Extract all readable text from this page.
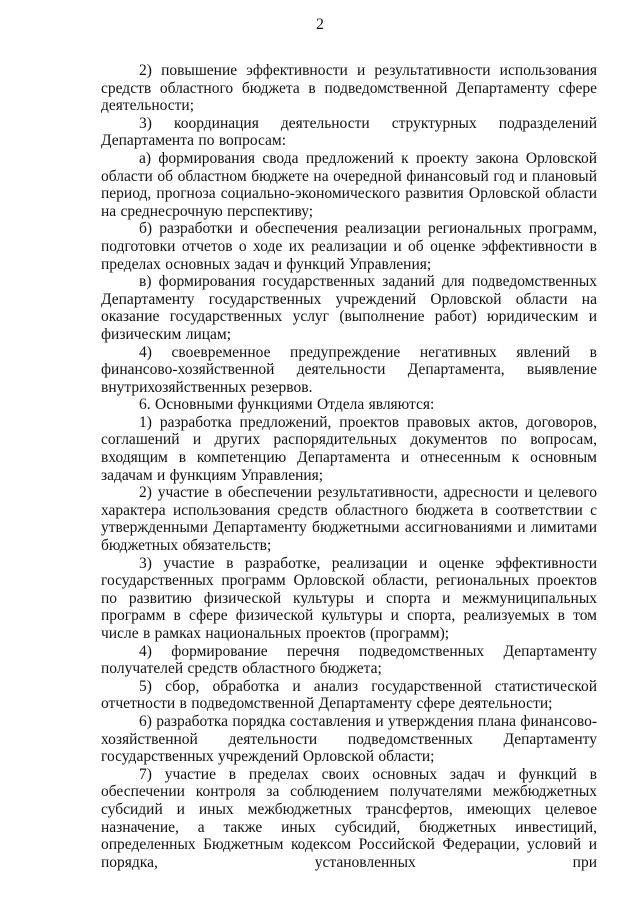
2

2) повышение эффективности и результативности использования средств областного бюджета в подведомственной Департаменту сфере деятельности;

3) координация деятельности структурных подразделений Департамента по вопросам:

а) формирования свода предложений к проекту закона Орловской области об областном бюджете на очередной финансовый год и плановый период, прогноза социально-экономического развития Орловской области на среднесрочную перспективу;

б) разработки и обеспечения реализации региональных программ, подготовки отчетов о ходе их реализации и об оценке эффективности в пределах основных задач и функций Управления;

в) формирования государственных заданий для подведомственных Департаменту государственных учреждений Орловской области на оказание государственных услуг (выполнение работ) юридическим и физическим лицам;

4) своевременное предупреждение негативных явлений в финансово-хозяйственной деятельности Департамента, выявление внутрихозяйственных резервов.

6. Основными функциями Отдела являются:

1) разработка предложений, проектов правовых актов, договоров, соглашений и других распорядительных документов по вопросам, входящим в компетенцию Департамента и отнесенным к основным задачам и функциям Управления;

2) участие в обеспечении результативности, адресности и целевого характера использования средств областного бюджета в соответствии с утвержденными Департаменту бюджетными ассигнованиями и лимитами бюджетных обязательств;

3) участие в разработке, реализации и оценке эффективности государственных программ Орловской области, региональных проектов по развитию физической культуры и спорта и межмуниципальных программ в сфере физической культуры и спорта, реализуемых в том числе в рамках национальных проектов (программ);

4) формирование перечня подведомственных Департаменту получателей средств областного бюджета;

5) сбор, обработка и анализ государственной статистической отчетности в подведомственной Департаменту сфере деятельности;

6) разработка порядка составления и утверждения плана финансово-хозяйственной деятельности подведомственных Департаменту государственных учреждений Орловской области;

7) участие в пределах своих основных задач и функций в обеспечении контроля за соблюдением получателями межбюджетных субсидий и иных межбюджетных трансфертов, имеющих целевое назначение, а также иных субсидий, бюджетных инвестиций, определенных Бюджетным кодексом Российской Федерации, условий и порядка, установленных при
